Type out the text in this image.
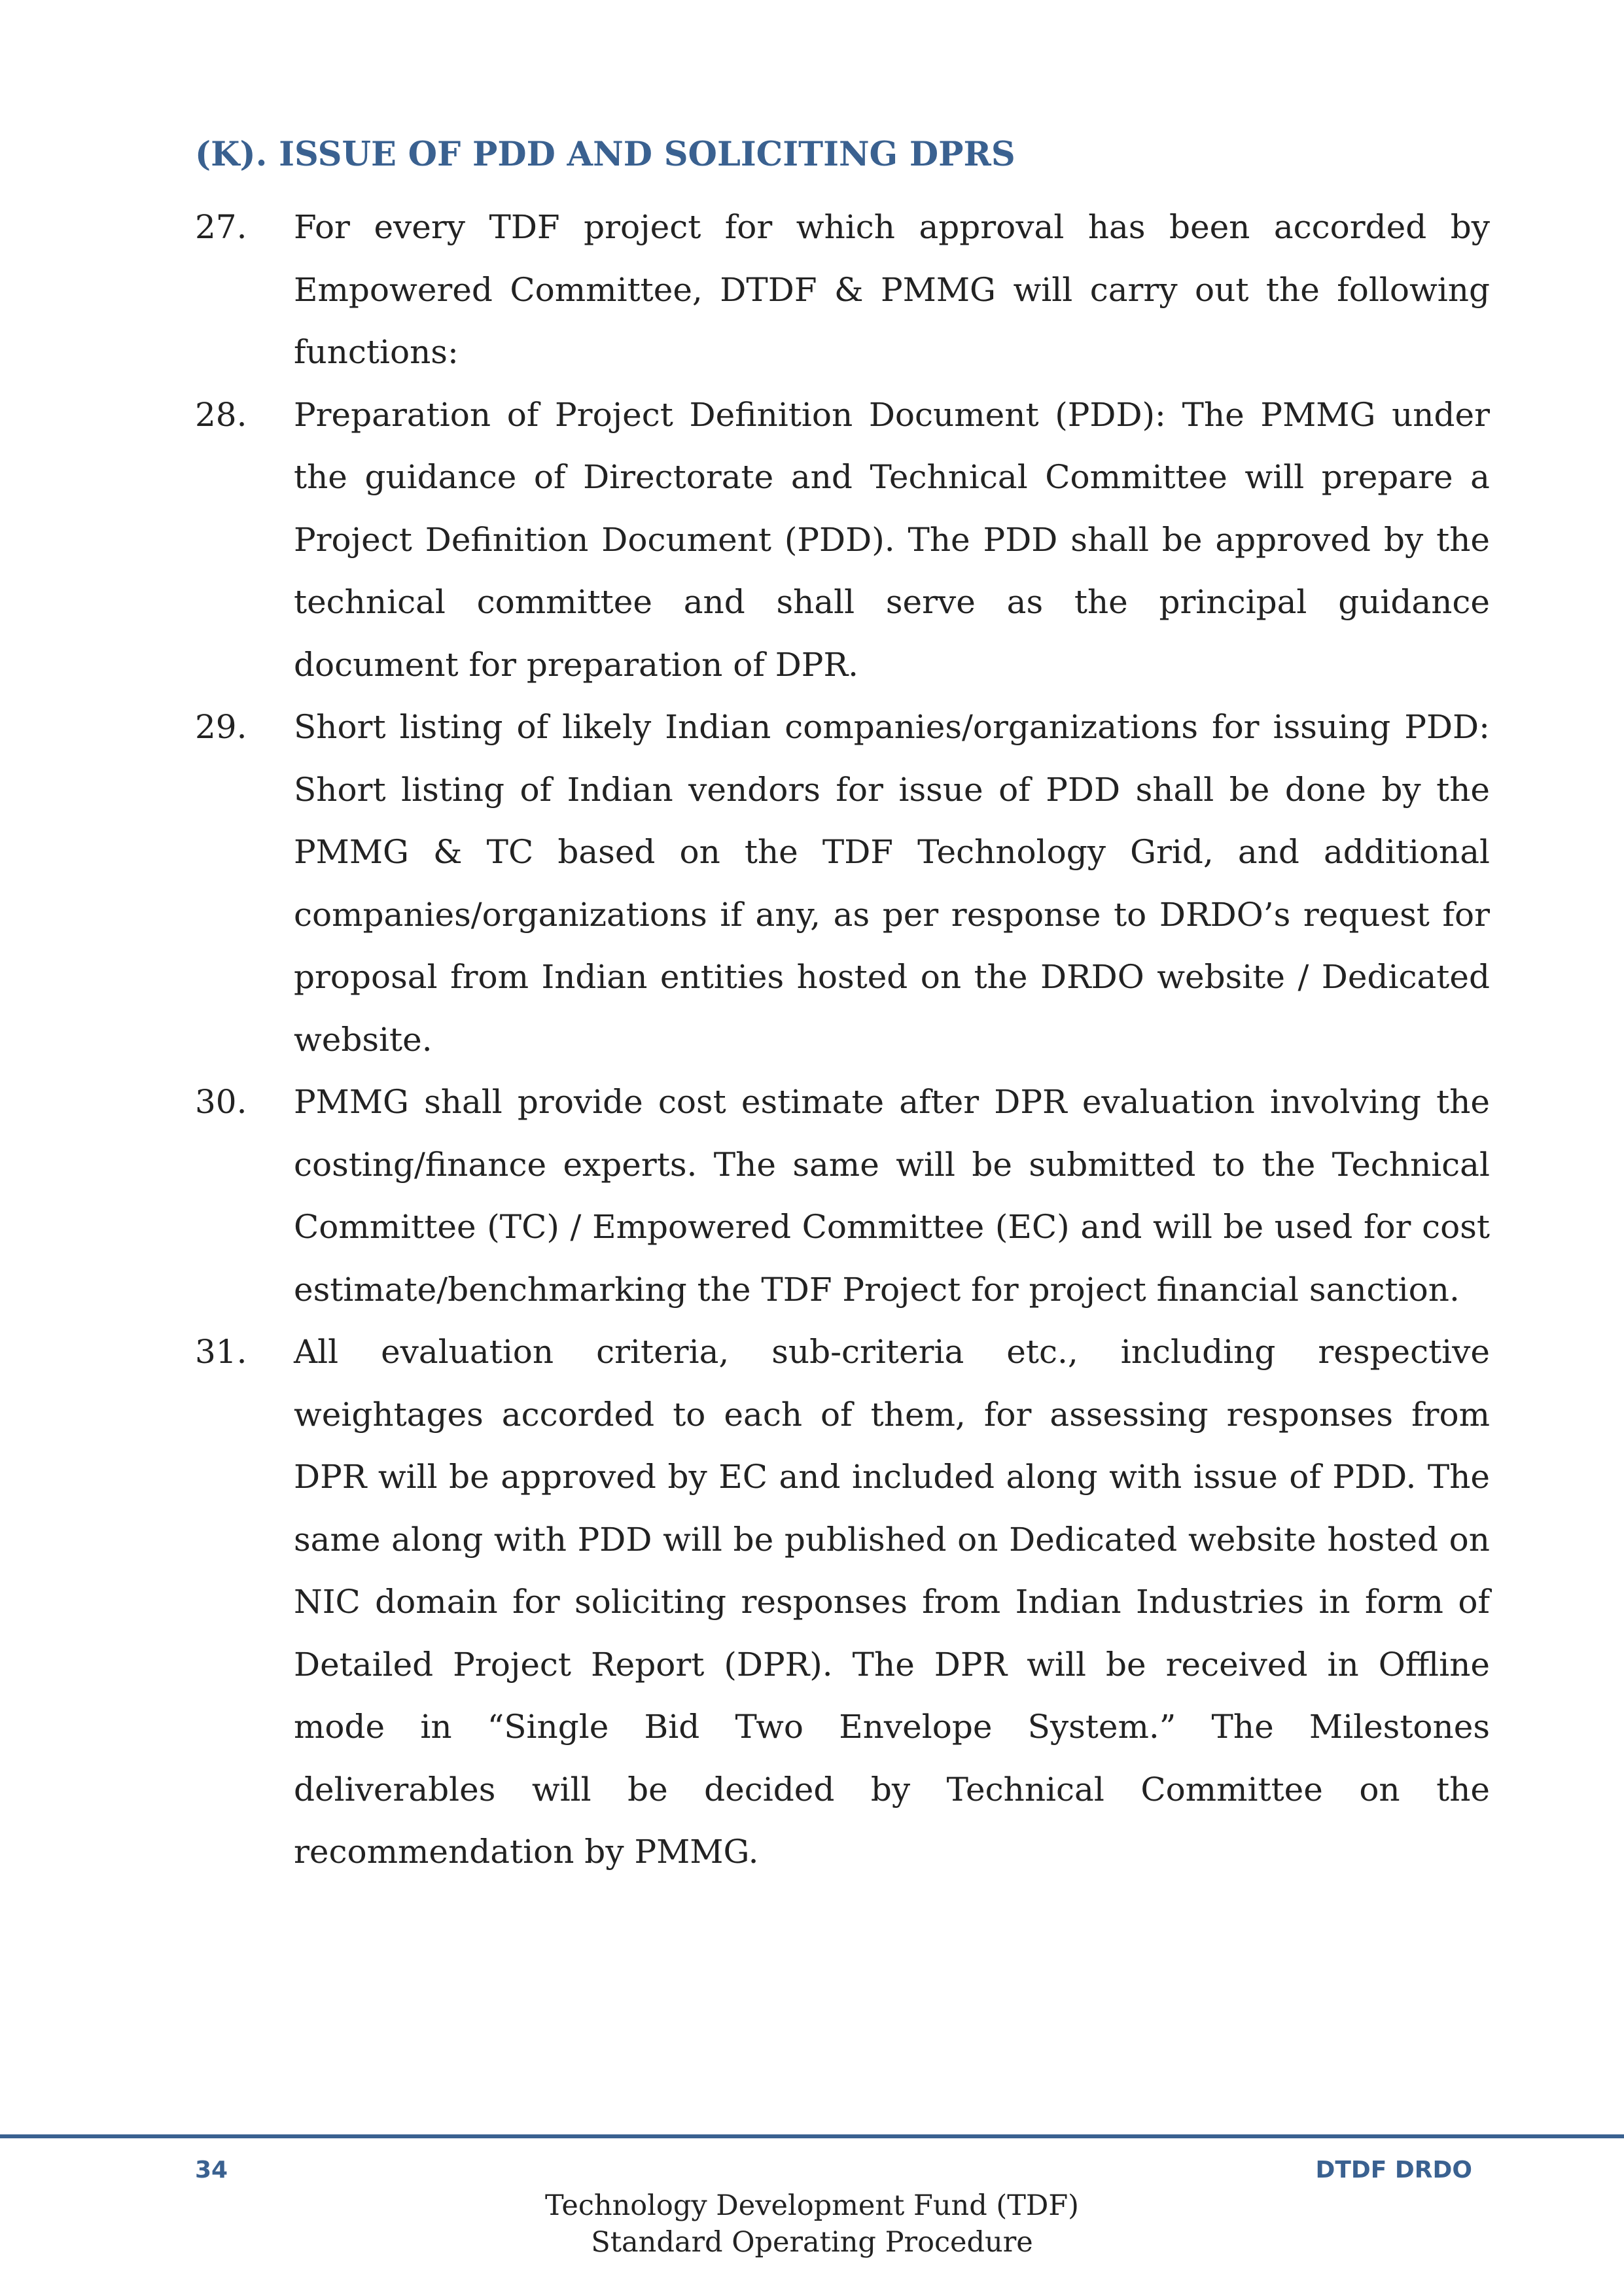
(K). ISSUE OF PDD AND SOLICITING DPRS
27.	For every TDF project for which approval has been accorded by Empowered Committee, DTDF & PMMG will carry out the following functions:

28.	Preparation of Project Definition Document (PDD): The PMMG under the guidance of Directorate and Technical Committee will prepare a Project Definition Document (PDD). The PDD shall be approved by the technical committee and shall serve as the principal guidance document for preparation of DPR.

29.	Short listing of likely Indian companies/organizations for issuing PDD: Short listing of Indian vendors for issue of PDD shall be done by the PMMG & TC based on the TDF Technology Grid, and additional companies/organizations if any, as per response to DRDO’s request for proposal from Indian entities hosted on the DRDO website / Dedicated website.

30.	PMMG shall provide cost estimate after DPR evaluation involving the costing/finance experts. The same will be submitted to the Technical Committee (TC) / Empowered Committee (EC) and will be used for cost estimate/benchmarking the TDF Project for project financial sanction.

31.	All evaluation criteria, sub-criteria etc., including respective weightages accorded to each of them, for assessing responses from DPR will be approved by EC and included along with issue of PDD. The same along with PDD will be published on Dedicated website hosted on NIC domain for soliciting responses from Indian Industries in form of Detailed Project Report (DPR). The DPR will be received in Offline mode in “Single Bid Two Envelope System.” The Milestones deliverables will be decided by Technical Committee on the recommendation by PMMG.

34	DTDF DRDO
Technology Development Fund (TDF)
Standard Operating Procedure
